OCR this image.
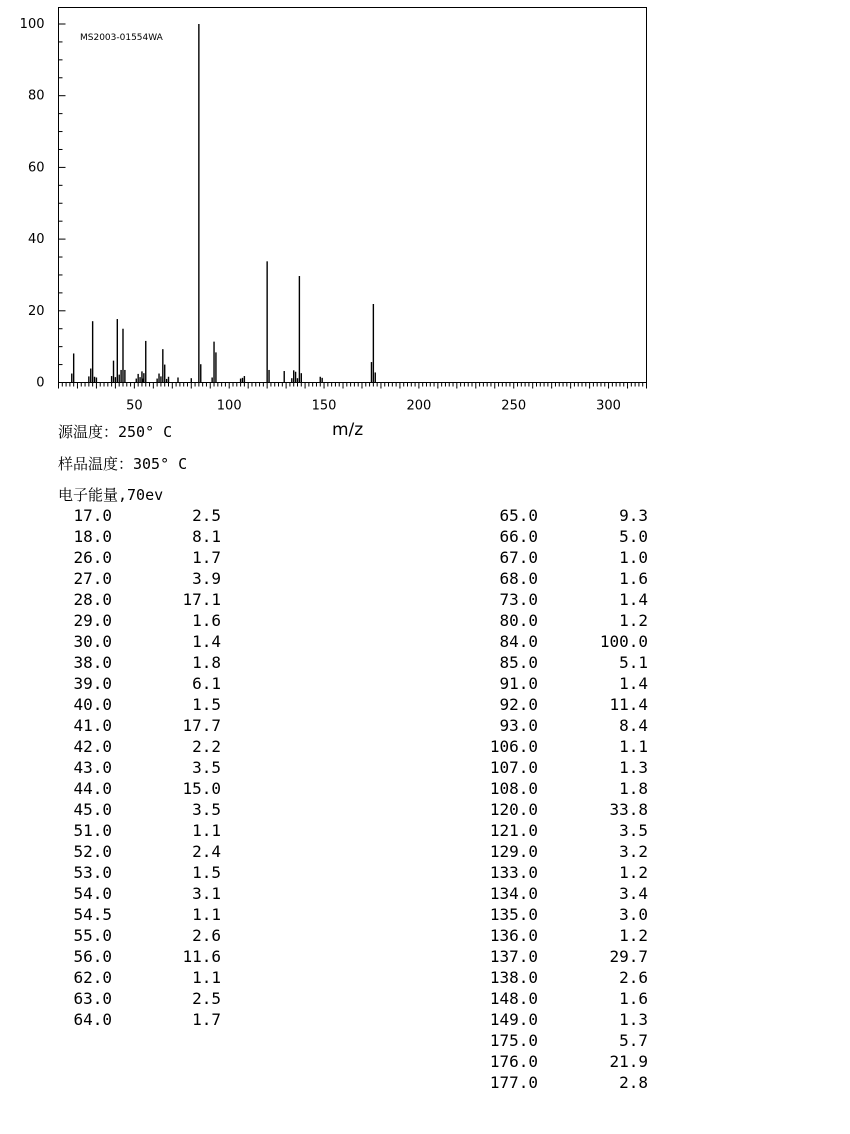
0
20
40
60
80
100
50	100	150	200	250	300
MS2003-01554WA
m/z
源温度：250° C
样品温度：305° C
电子能量,70ev
17.0	2.5
18.0	8.1
26.0	1.7
27.0	3.9
28.0	17.1
29.0	1.6
30.0	1.4
38.0	1.8
39.0	6.1
40.0	1.5
41.0	17.7
42.0	2.2
43.0	3.5
44.0	15.0
45.0	3.5
51.0	1.1
52.0	2.4
53.0	1.5
54.0	3.1
54.5	1.1
55.0	2.6
56.0	11.6
62.0	1.1
63.0	2.5
64.0	1.7
65.0	9.3
66.0	5.0
67.0	1.0
68.0	1.6
73.0	1.4
80.0	1.2
84.0	100.0
85.0	5.1
91.0	1.4
92.0	11.4
93.0	8.4
106.0	1.1
107.0	1.3
108.0	1.8
120.0	33.8
121.0	3.5
129.0	3.2
133.0	1.2
134.0	3.4
135.0	3.0
136.0	1.2
137.0	29.7
138.0	2.6
148.0	1.6
149.0	1.3
175.0	5.7
176.0	21.9
177.0	2.8
